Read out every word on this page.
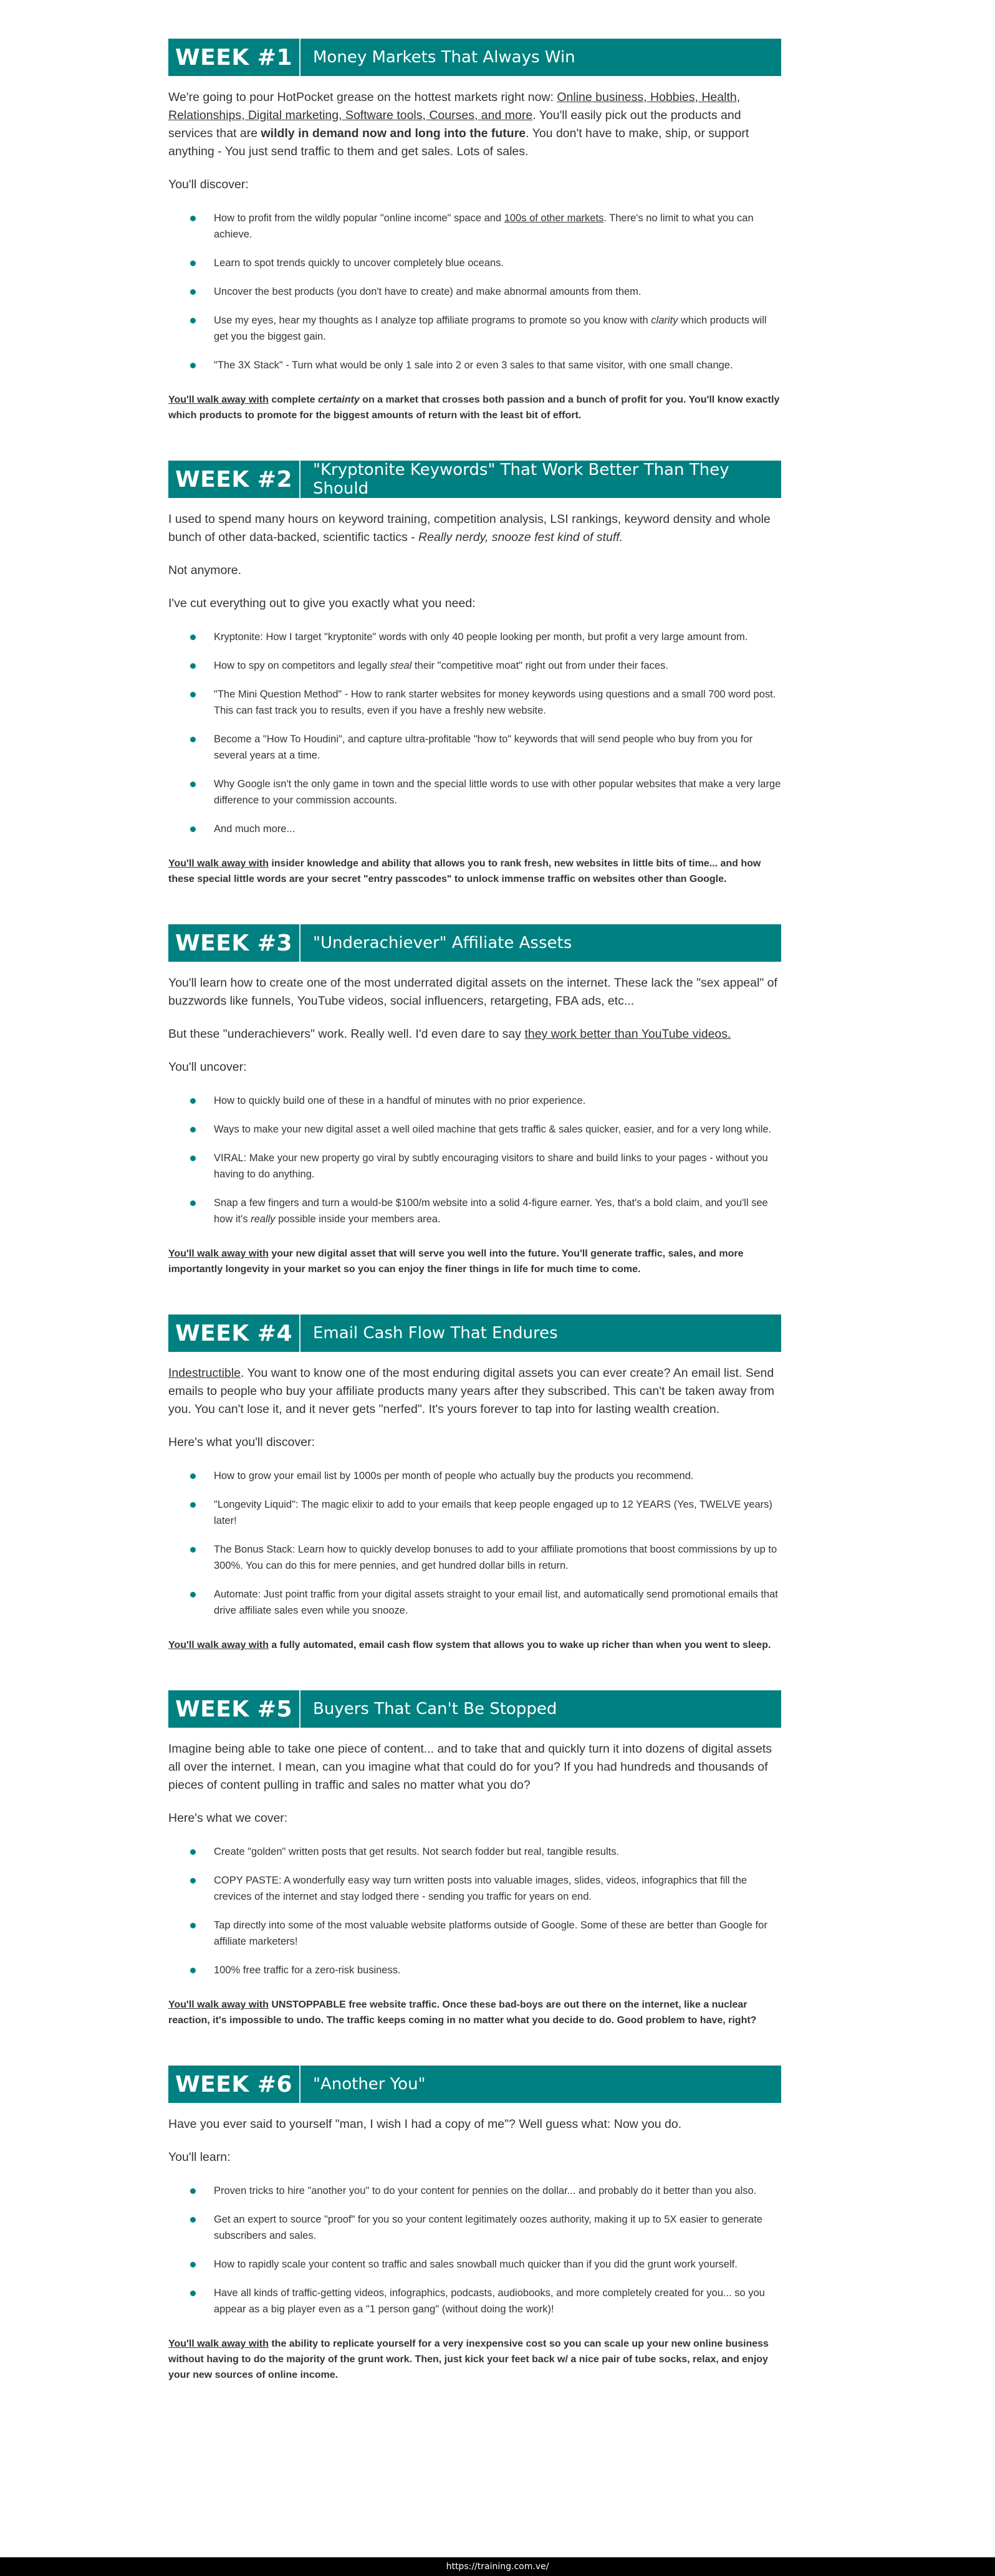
WEEK #1	Money Markets That Always Win

We're going to pour HotPocket grease on the hottest markets right now: Online business, Hobbies, Health, Relationships, Digital marketing, Software tools, Courses, and more. You'll easily pick out the products and services that are wildly in demand now and long into the future. You don't have to make, ship, or support anything - You just send traffic to them and get sales. Lots of sales.

You'll discover:

How to profit from the wildly popular "online income" space and 100s of other markets. There's no limit to what you can achieve.
Learn to spot trends quickly to uncover completely blue oceans.
Uncover the best products (you don't have to create) and make abnormal amounts from them.
Use my eyes, hear my thoughts as I analyze top affiliate programs to promote so you know with clarity which products will get you the biggest gain.
"The 3X Stack" - Turn what would be only 1 sale into 2 or even 3 sales to that same visitor, with one small change.

You'll walk away with complete certainty on a market that crosses both passion and a bunch of profit for you. You'll know exactly which products to promote for the biggest amounts of return with the least bit of effort.

WEEK #2	"Kryptonite Keywords" That Work Better Than They Should

I used to spend many hours on keyword training, competition analysis, LSI rankings, keyword density and whole bunch of other data-backed, scientific tactics - Really nerdy, snooze fest kind of stuff.

Not anymore.

I've cut everything out to give you exactly what you need:

Kryptonite: How I target "kryptonite" words with only 40 people looking per month, but profit a very large amount from.
How to spy on competitors and legally steal their "competitive moat" right out from under their faces.
"The Mini Question Method" - How to rank starter websites for money keywords using questions and a small 700 word post. This can fast track you to results, even if you have a freshly new website.
Become a "How To Houdini", and capture ultra-profitable "how to" keywords that will send people who buy from you for several years at a time.
Why Google isn't the only game in town and the special little words to use with other popular websites that make a very large difference to your commission accounts.
And much more...

You'll walk away with insider knowledge and ability that allows you to rank fresh, new websites in little bits of time... and how these special little words are your secret "entry passcodes" to unlock immense traffic on websites other than Google.

WEEK #3	"Underachiever" Affiliate Assets

You'll learn how to create one of the most underrated digital assets on the internet. These lack the "sex appeal" of buzzwords like funnels, YouTube videos, social influencers, retargeting, FBA ads, etc...

But these "underachievers" work. Really well. I'd even dare to say they work better than YouTube videos.

You'll uncover:

How to quickly build one of these in a handful of minutes with no prior experience.
Ways to make your new digital asset a well oiled machine that gets traffic & sales quicker, easier, and for a very long while.
VIRAL: Make your new property go viral by subtly encouraging visitors to share and build links to your pages - without you having to do anything.
Snap a few fingers and turn a would-be $100/m website into a solid 4-figure earner. Yes, that's a bold claim, and you'll see how it's really possible inside your members area.

You'll walk away with your new digital asset that will serve you well into the future. You'll generate traffic, sales, and more importantly longevity in your market so you can enjoy the finer things in life for much time to come.

WEEK #4	Email Cash Flow That Endures

Indestructible. You want to know one of the most enduring digital assets you can ever create? An email list. Send emails to people who buy your affiliate products many years after they subscribed. This can't be taken away from you. You can't lose it, and it never gets "nerfed". It's yours forever to tap into for lasting wealth creation.

Here's what you'll discover:

How to grow your email list by 1000s per month of people who actually buy the products you recommend.
"Longevity Liquid": The magic elixir to add to your emails that keep people engaged up to 12 YEARS (Yes, TWELVE years) later!
The Bonus Stack: Learn how to quickly develop bonuses to add to your affiliate promotions that boost commissions by up to 300%. You can do this for mere pennies, and get hundred dollar bills in return.
Automate: Just point traffic from your digital assets straight to your email list, and automatically send promotional emails that drive affiliate sales even while you snooze.

You'll walk away with a fully automated, email cash flow system that allows you to wake up richer than when you went to sleep.

WEEK #5	Buyers That Can't Be Stopped

Imagine being able to take one piece of content... and to take that and quickly turn it into dozens of digital assets all over the internet. I mean, can you imagine what that could do for you? If you had hundreds and thousands of pieces of content pulling in traffic and sales no matter what you do?

Here's what we cover:

Create "golden" written posts that get results. Not search fodder but real, tangible results.
COPY PASTE: A wonderfully easy way turn written posts into valuable images, slides, videos, infographics that fill the crevices of the internet and stay lodged there - sending you traffic for years on end.
Tap directly into some of the most valuable website platforms outside of Google. Some of these are better than Google for affiliate marketers!
100% free traffic for a zero-risk business.

You'll walk away with UNSTOPPABLE free website traffic. Once these bad-boys are out there on the internet, like a nuclear reaction, it's impossible to undo. The traffic keeps coming in no matter what you decide to do. Good problem to have, right?

WEEK #6	"Another You"

Have you ever said to yourself "man, I wish I had a copy of me"? Well guess what: Now you do.

You'll learn:

Proven tricks to hire "another you" to do your content for pennies on the dollar... and probably do it better than you also.
Get an expert to source "proof" for you so your content legitimately oozes authority, making it up to 5X easier to generate subscribers and sales.
How to rapidly scale your content so traffic and sales snowball much quicker than if you did the grunt work yourself.
Have all kinds of traffic-getting videos, infographics, podcasts, audiobooks, and more completely created for you... so you appear as a big player even as a "1 person gang" (without doing the work)!

You'll walk away with the ability to replicate yourself for a very inexpensive cost so you can scale up your new online business without having to do the majority of the grunt work. Then, just kick your feet back w/ a nice pair of tube socks, relax, and enjoy your new sources of online income.

https://training.com.ve/
